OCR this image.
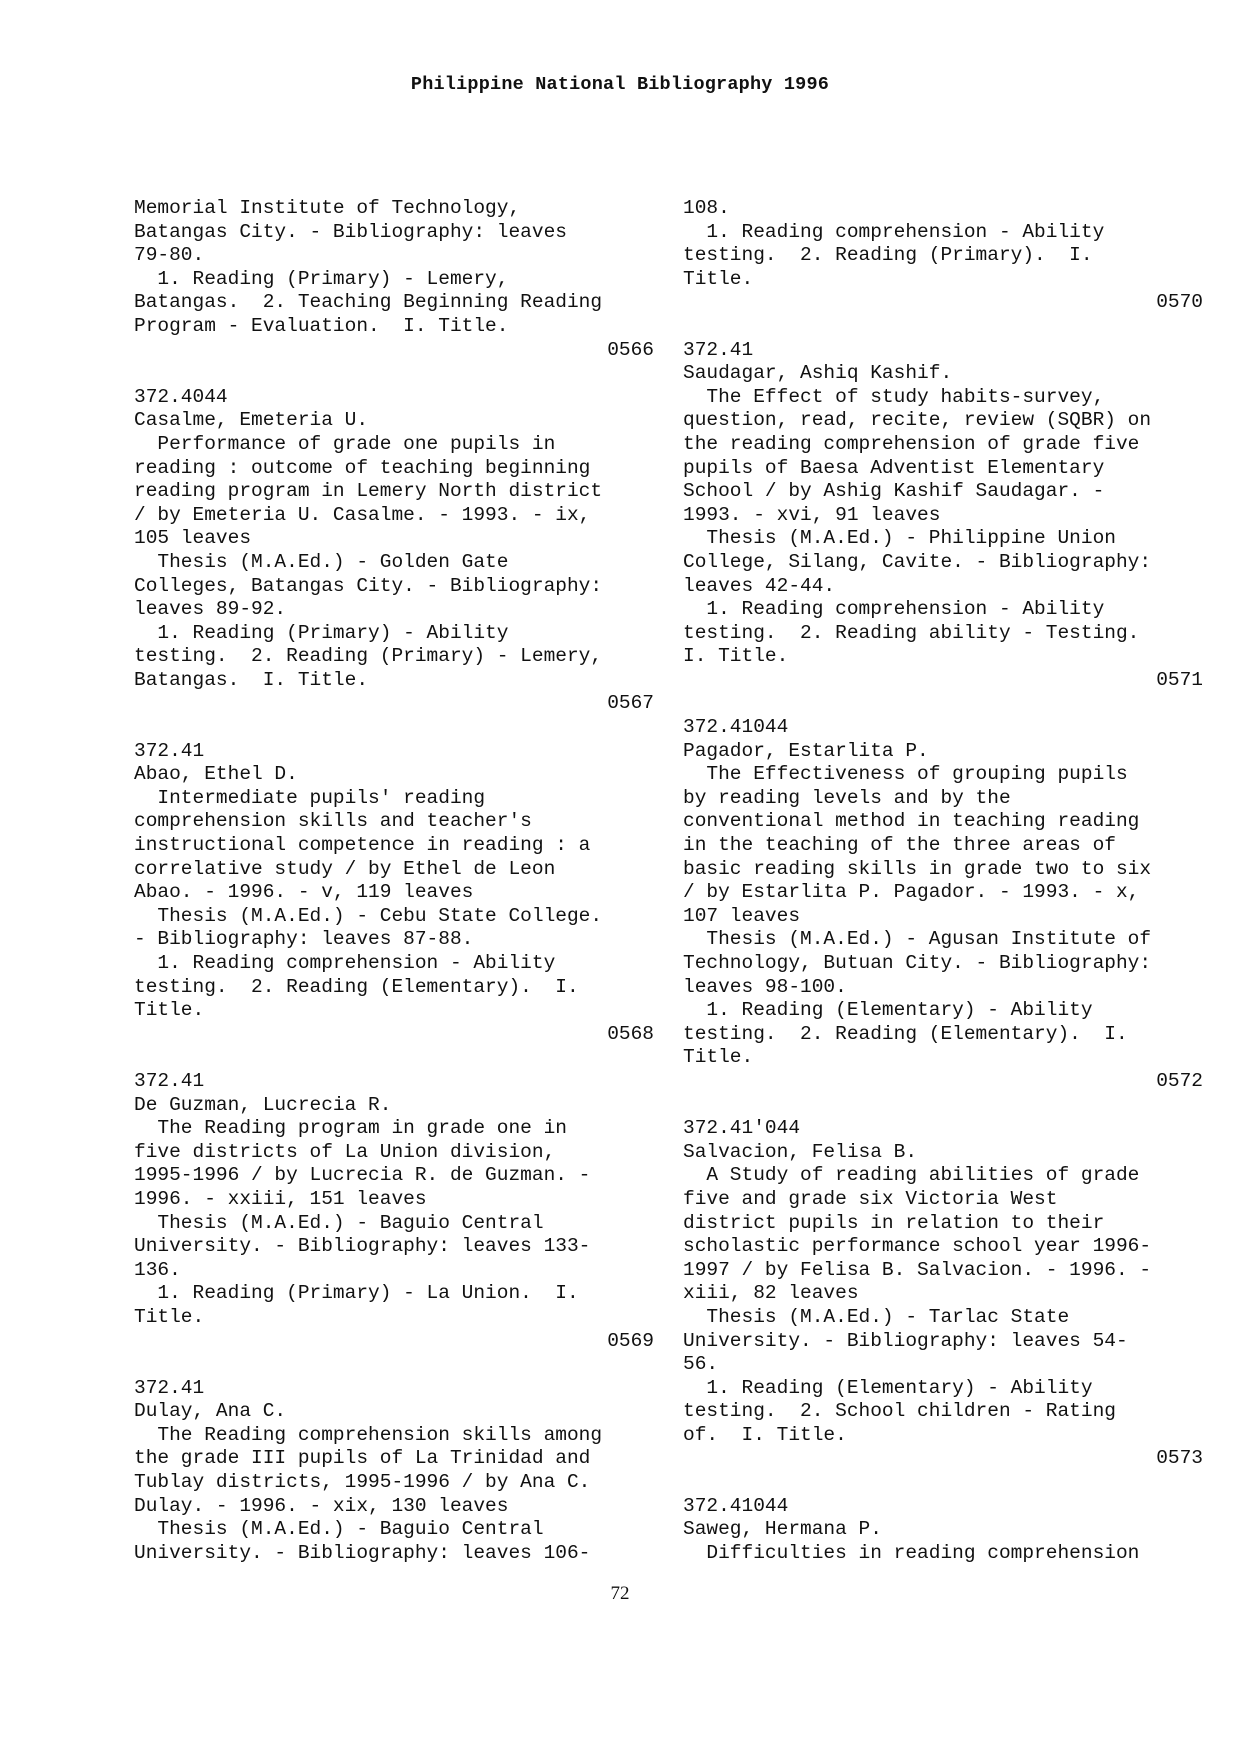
Philippine National Bibliography 1996
Memorial Institute of Technology,
Batangas City. - Bibliography: leaves
79-80.
1. Reading (Primary) - Lemery,
Batangas.  2. Teaching Beginning Reading
Program - Evaluation.  I. Title.
0566
372.4044
Casalme, Emeteria U.
Performance of grade one pupils in
reading : outcome of teaching beginning
reading program in Lemery North district
/ by Emeteria U. Casalme. - 1993. - ix,
105 leaves
Thesis (M.A.Ed.) - Golden Gate
Colleges, Batangas City. - Bibliography:
leaves 89-92.
1. Reading (Primary) - Ability
testing.  2. Reading (Primary) - Lemery,
Batangas.  I. Title.
0567
372.41
Abao, Ethel D.
Intermediate pupils' reading
comprehension skills and teacher's
instructional competence in reading : a
correlative study / by Ethel de Leon
Abao. - 1996. - v, 119 leaves
Thesis (M.A.Ed.) - Cebu State College.
- Bibliography: leaves 87-88.
1. Reading comprehension - Ability
testing.  2. Reading (Elementary).  I.
Title.
0568
372.41
De Guzman, Lucrecia R.
The Reading program in grade one in
five districts of La Union division,
1995-1996 / by Lucrecia R. de Guzman. -
1996. - xxiii, 151 leaves
Thesis (M.A.Ed.) - Baguio Central
University. - Bibliography: leaves 133-
136.
1. Reading (Primary) - La Union.  I.
Title.
0569
372.41
Dulay, Ana C.
The Reading comprehension skills among
the grade III pupils of La Trinidad and
Tublay districts, 1995-1996 / by Ana C.
Dulay. - 1996. - xix, 130 leaves
Thesis (M.A.Ed.) - Baguio Central
University. - Bibliography: leaves 106-
108.
1. Reading comprehension - Ability
testing.  2. Reading (Primary).  I.
Title.
0570
372.41
Saudagar, Ashiq Kashif.
The Effect of study habits-survey,
question, read, recite, review (SQBR) on
the reading comprehension of grade five
pupils of Baesa Adventist Elementary
School / by Ashig Kashif Saudagar. -
1993. - xvi, 91 leaves
Thesis (M.A.Ed.) - Philippine Union
College, Silang, Cavite. - Bibliography:
leaves 42-44.
1. Reading comprehension - Ability
testing.  2. Reading ability - Testing.
I. Title.
0571
372.41044
Pagador, Estarlita P.
The Effectiveness of grouping pupils
by reading levels and by the
conventional method in teaching reading
in the teaching of the three areas of
basic reading skills in grade two to six
/ by Estarlita P. Pagador. - 1993. - x,
107 leaves
Thesis (M.A.Ed.) - Agusan Institute of
Technology, Butuan City. - Bibliography:
leaves 98-100.
1. Reading (Elementary) - Ability
testing.  2. Reading (Elementary).  I.
Title.
0572
372.41'044
Salvacion, Felisa B.
A Study of reading abilities of grade
five and grade six Victoria West
district pupils in relation to their
scholastic performance school year 1996-
1997 / by Felisa B. Salvacion. - 1996. -
xiii, 82 leaves
Thesis (M.A.Ed.) - Tarlac State
University. - Bibliography: leaves 54-
56.
1. Reading (Elementary) - Ability
testing.  2. School children - Rating
of.  I. Title.
0573
372.41044
Saweg, Hermana P.
Difficulties in reading comprehension
72
